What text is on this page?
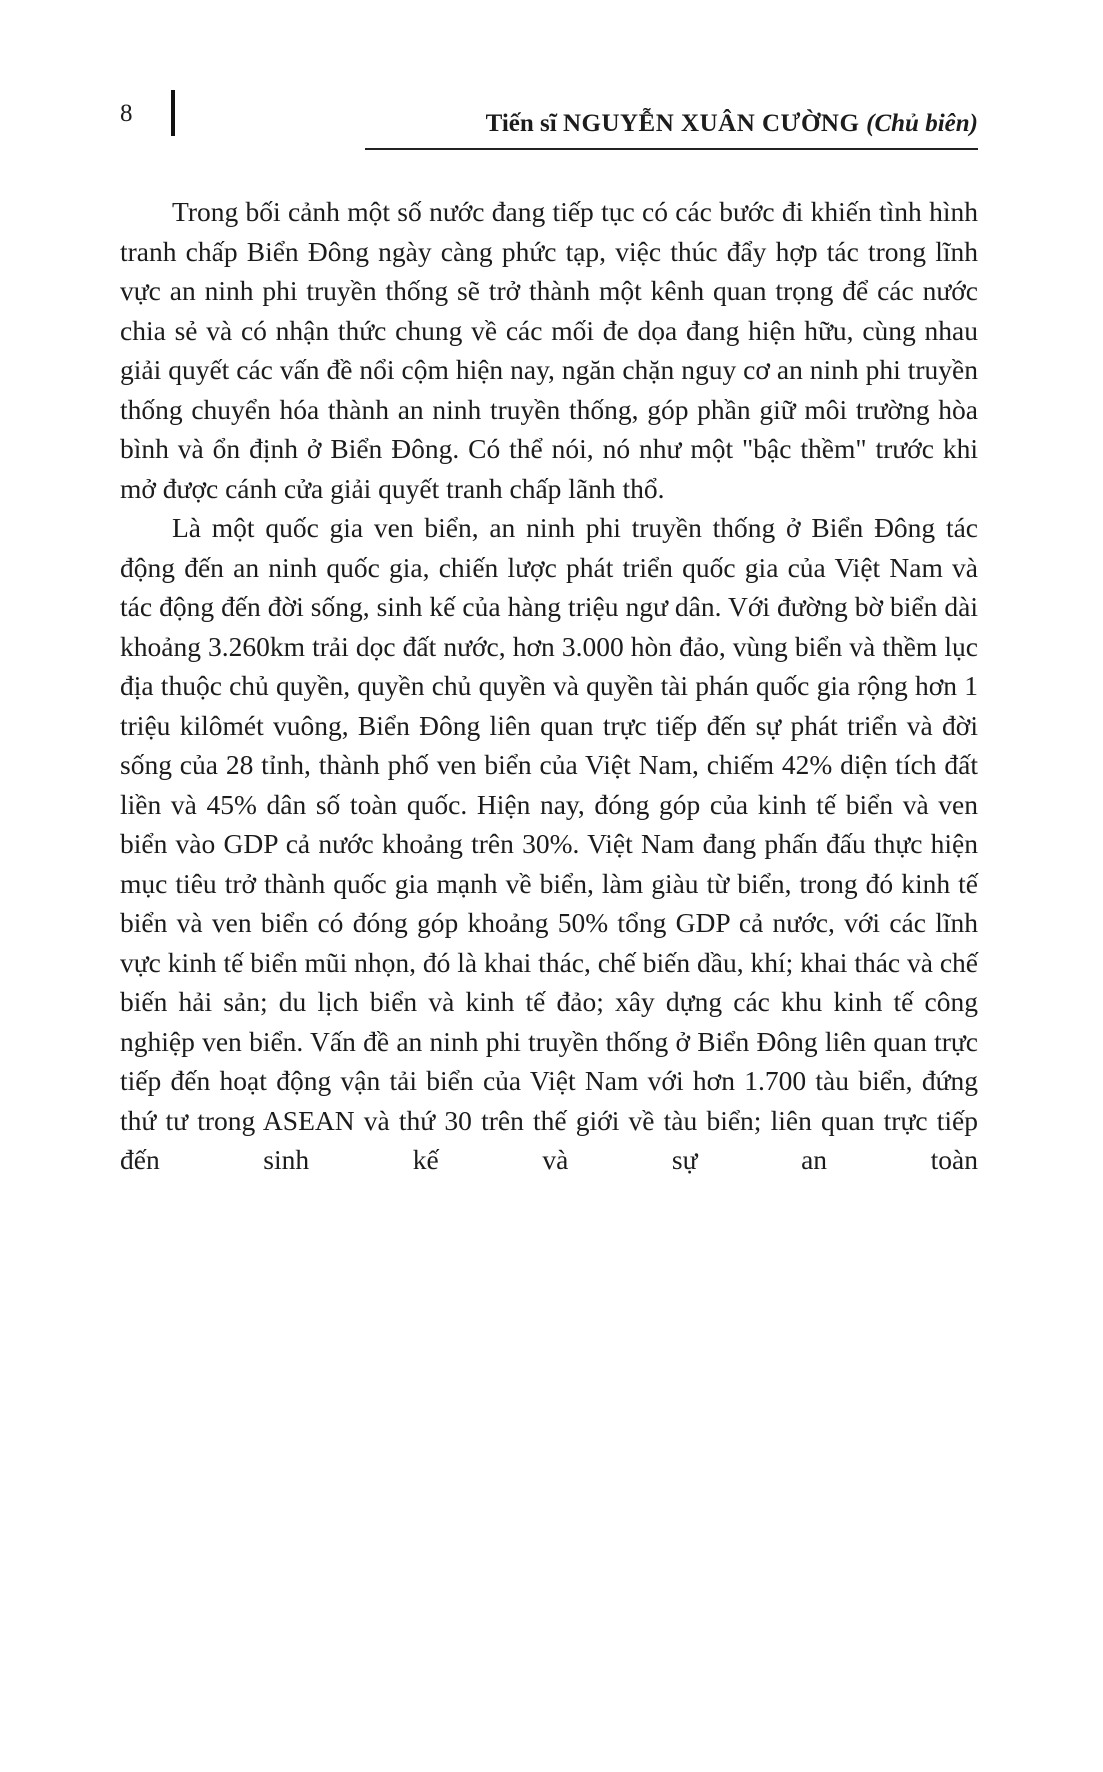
8	Tiến sĩ NGUYỄN XUÂN CƯỜNG (Chủ biên)

Trong bối cảnh một số nước đang tiếp tục có các bước đi khiến tình hình tranh chấp Biển Đông ngày càng phức tạp, việc thúc đẩy hợp tác trong lĩnh vực an ninh phi truyền thống sẽ trở thành một kênh quan trọng để các nước chia sẻ và có nhận thức chung về các mối đe dọa đang hiện hữu, cùng nhau giải quyết các vấn đề nổi cộm hiện nay, ngăn chặn nguy cơ an ninh phi truyền thống chuyển hóa thành an ninh truyền thống, góp phần giữ môi trường hòa bình và ổn định ở Biển Đông. Có thể nói, nó như một "bậc thềm" trước khi mở được cánh cửa giải quyết tranh chấp lãnh thổ.

Là một quốc gia ven biển, an ninh phi truyền thống ở Biển Đông tác động đến an ninh quốc gia, chiến lược phát triển quốc gia của Việt Nam và tác động đến đời sống, sinh kế của hàng triệu ngư dân. Với đường bờ biển dài khoảng 3.260km trải dọc đất nước, hơn 3.000 hòn đảo, vùng biển và thềm lục địa thuộc chủ quyền, quyền chủ quyền và quyền tài phán quốc gia rộng hơn 1 triệu kilômét vuông, Biển Đông liên quan trực tiếp đến sự phát triển và đời sống của 28 tỉnh, thành phố ven biển của Việt Nam, chiếm 42% diện tích đất liền và 45% dân số toàn quốc. Hiện nay, đóng góp của kinh tế biển và ven biển vào GDP cả nước khoảng trên 30%. Việt Nam đang phấn đấu thực hiện mục tiêu trở thành quốc gia mạnh về biển, làm giàu từ biển, trong đó kinh tế biển và ven biển có đóng góp khoảng 50% tổng GDP cả nước, với các lĩnh vực kinh tế biển mũi nhọn, đó là khai thác, chế biến dầu, khí; khai thác và chế biến hải sản; du lịch biển và kinh tế đảo; xây dựng các khu kinh tế công nghiệp ven biển. Vấn đề an ninh phi truyền thống ở Biển Đông liên quan trực tiếp đến hoạt động vận tải biển của Việt Nam với hơn 1.700 tàu biển, đứng thứ tư trong ASEAN và thứ 30 trên thế giới về tàu biển; liên quan trực tiếp đến sinh kế và sự an toàn
